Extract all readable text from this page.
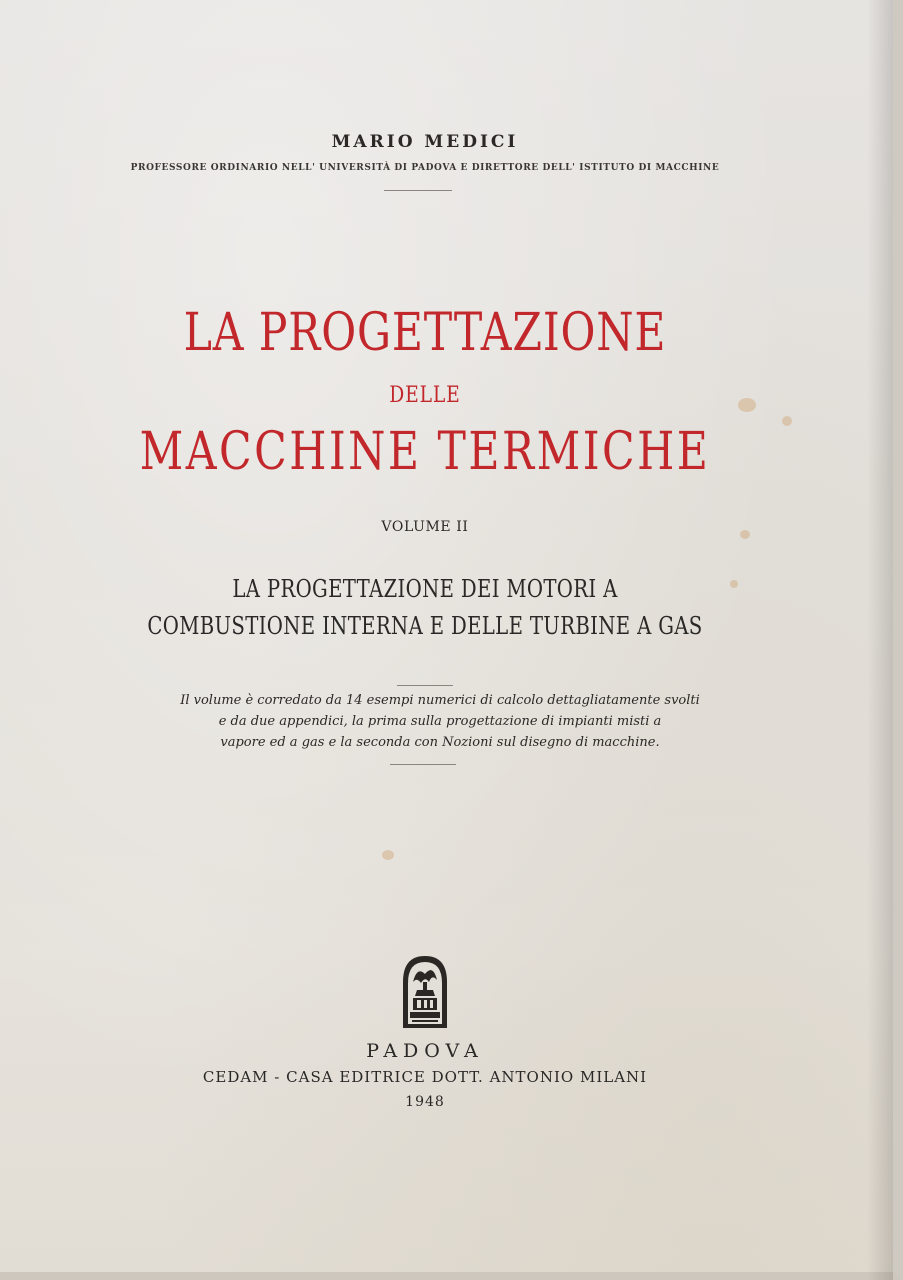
MARIO MEDICI
PROFESSORE ORDINARIO NELL' UNIVERSITÀ DI PADOVA E DIRETTORE DELL' ISTITUTO DI MACCHINE
LA PROGETTAZIONE
DELLE
MACCHINE TERMICHE
VOLUME II
LA PROGETTAZIONE DEI MOTORI A
COMBUSTIONE INTERNA E DELLE TURBINE A GAS
Il volume è corredato da 14 esempi numerici di calcolo dettagliatamente svolti
e da due appendici, la prima sulla progettazione di impianti misti a
vapore ed a gas e la seconda con Nozioni sul disegno di macchine.
PADOVA
CEDAM - CASA EDITRICE DOTT. ANTONIO MILANI
1948
